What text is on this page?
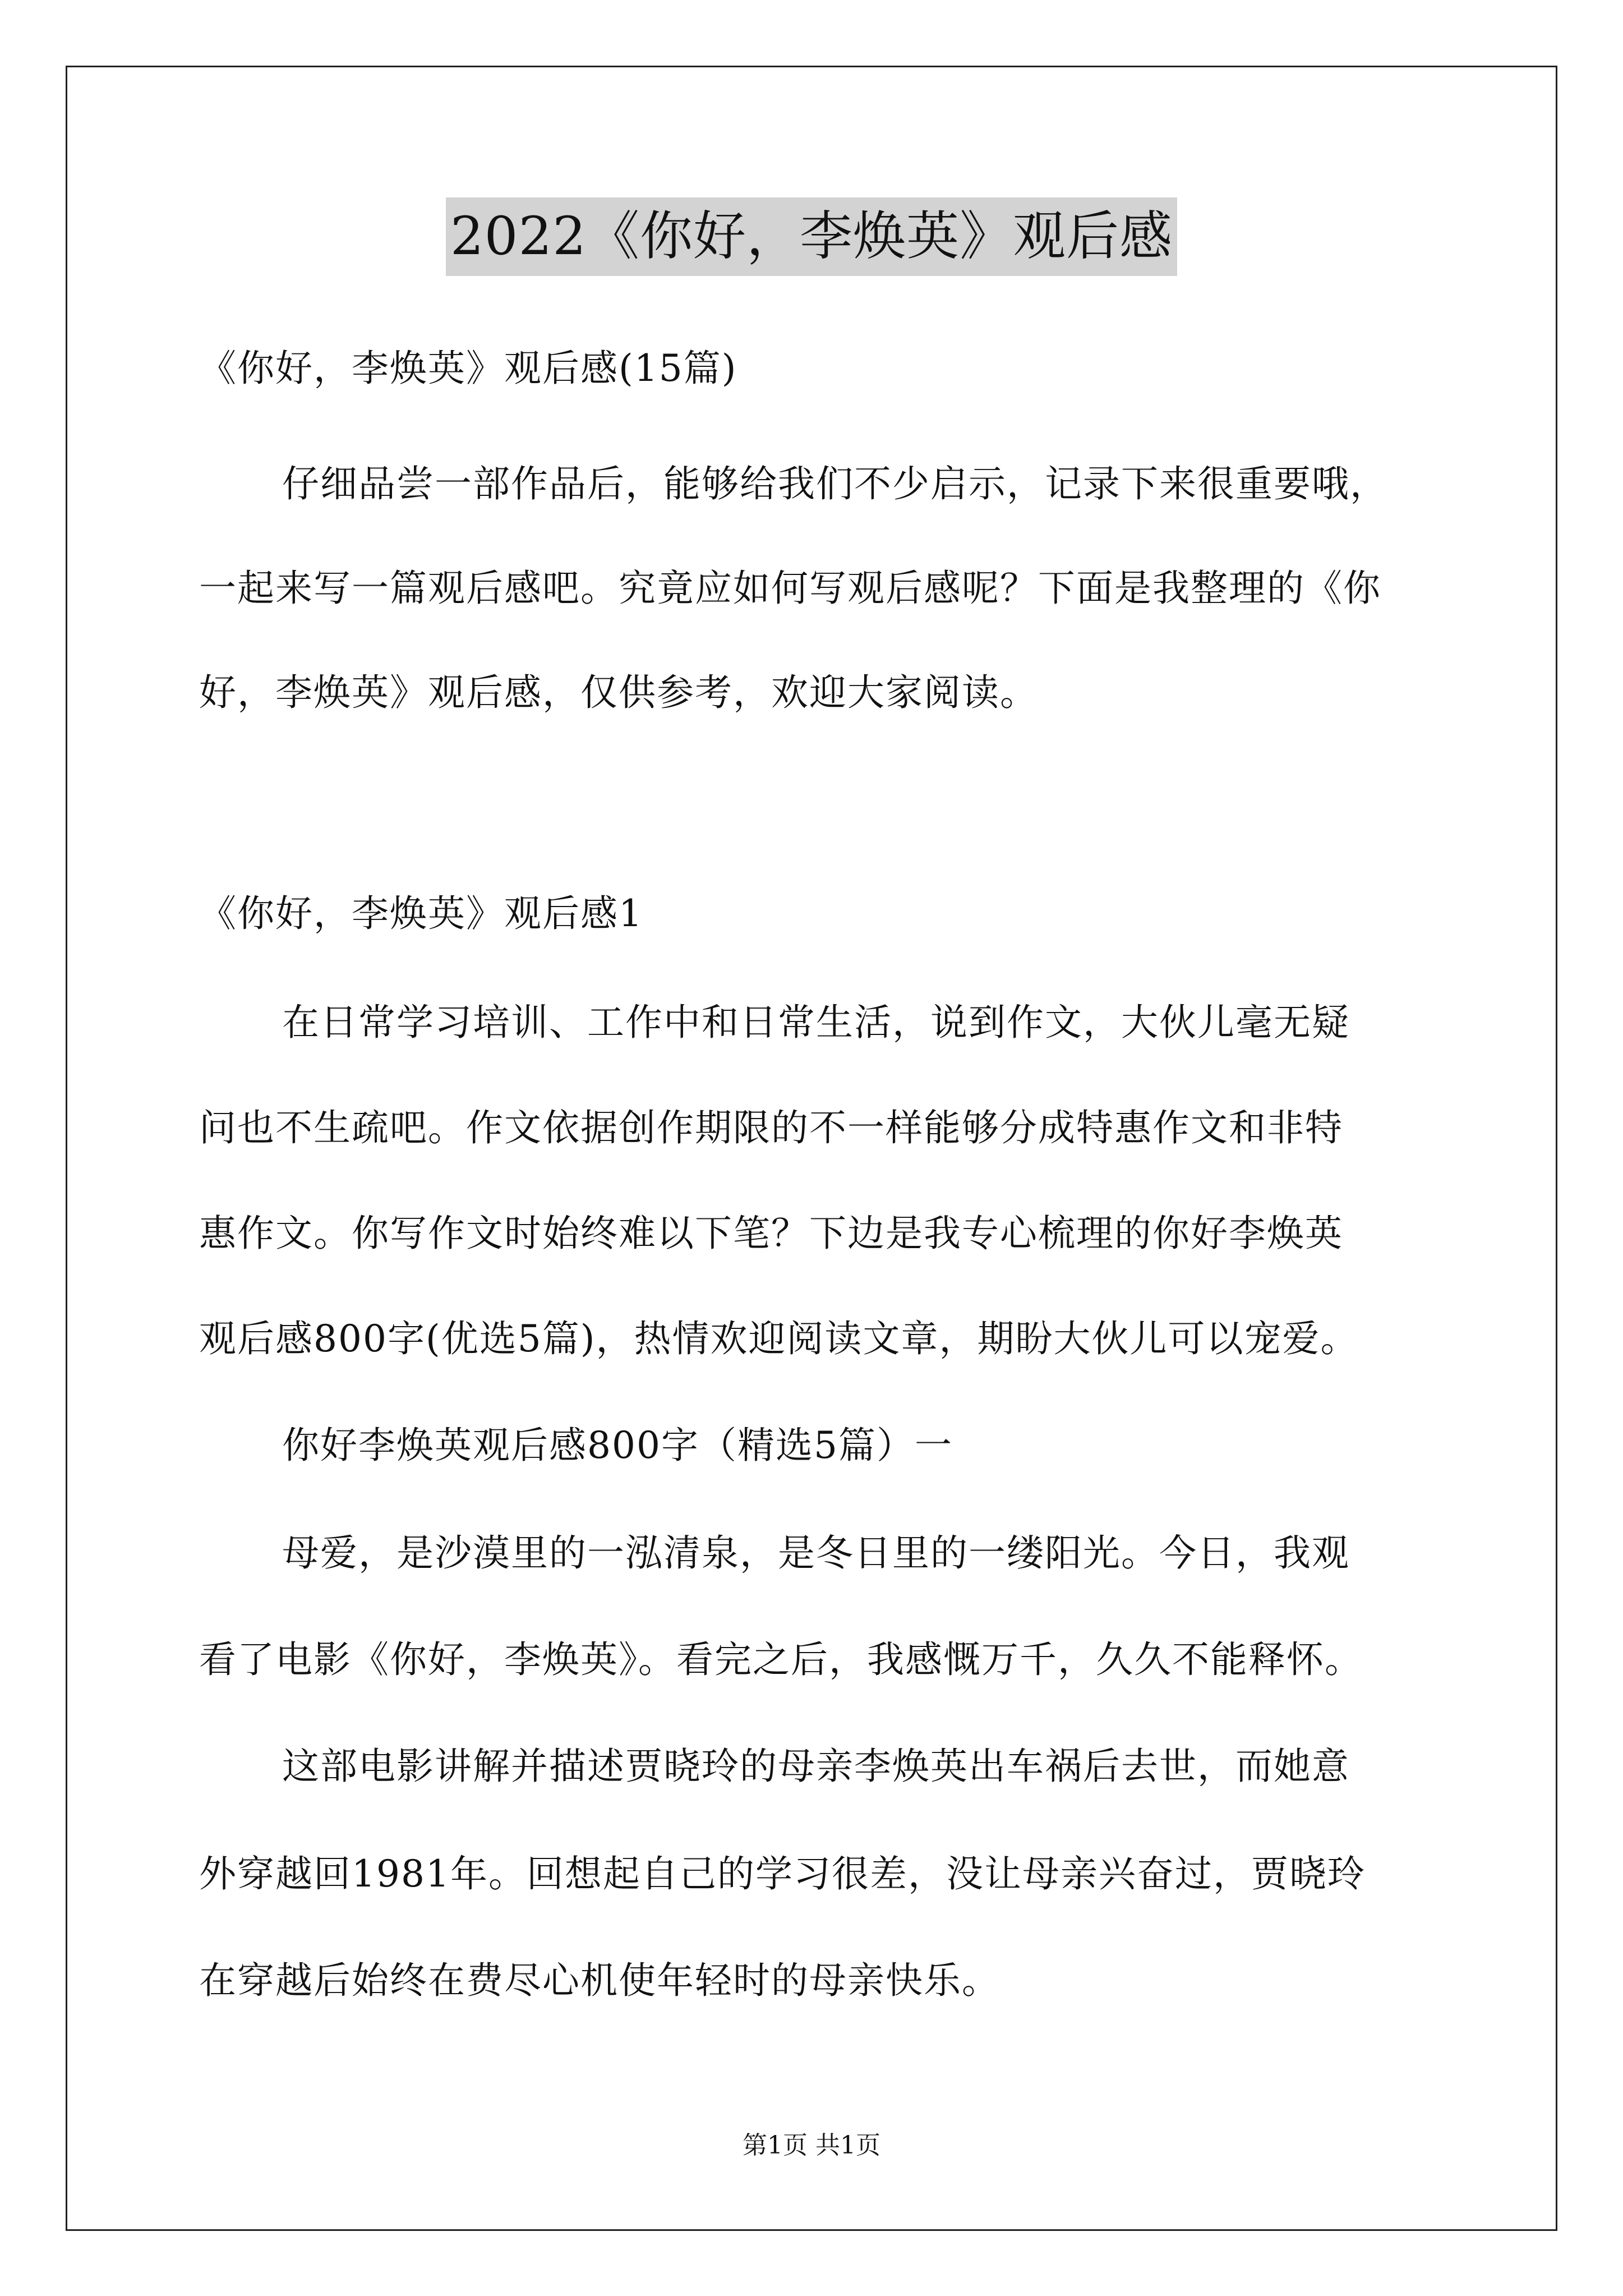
2022《你好，李焕英》观后感
《你好，李焕英》观后感(15篇)
仔细品尝一部作品后，能够给我们不少启示，记录下来很重要哦，
一起来写一篇观后感吧。究竟应如何写观后感呢？下面是我整理的《你
好，李焕英》观后感，仅供参考，欢迎大家阅读。
《你好，李焕英》观后感1
在日常学习培训、工作中和日常生活，说到作文，大伙儿毫无疑
问也不生疏吧。作文依据创作期限的不一样能够分成特惠作文和非特
惠作文。你写作文时始终难以下笔？下边是我专心梳理的你好李焕英
观后感800字(优选5篇)，热情欢迎阅读文章，期盼大伙儿可以宠爱。
你好李焕英观后感800字（精选5篇）一
母爱，是沙漠里的一泓清泉，是冬日里的一缕阳光。今日，我观
看了电影《你好，李焕英》。看完之后，我感慨万千，久久不能释怀。
这部电影讲解并描述贾晓玲的母亲李焕英出车祸后去世，而她意
外穿越回1981年。回想起自己的学习很差，没让母亲兴奋过，贾晓玲
在穿越后始终在费尽心机使年轻时的母亲快乐。
第1页 共1页
